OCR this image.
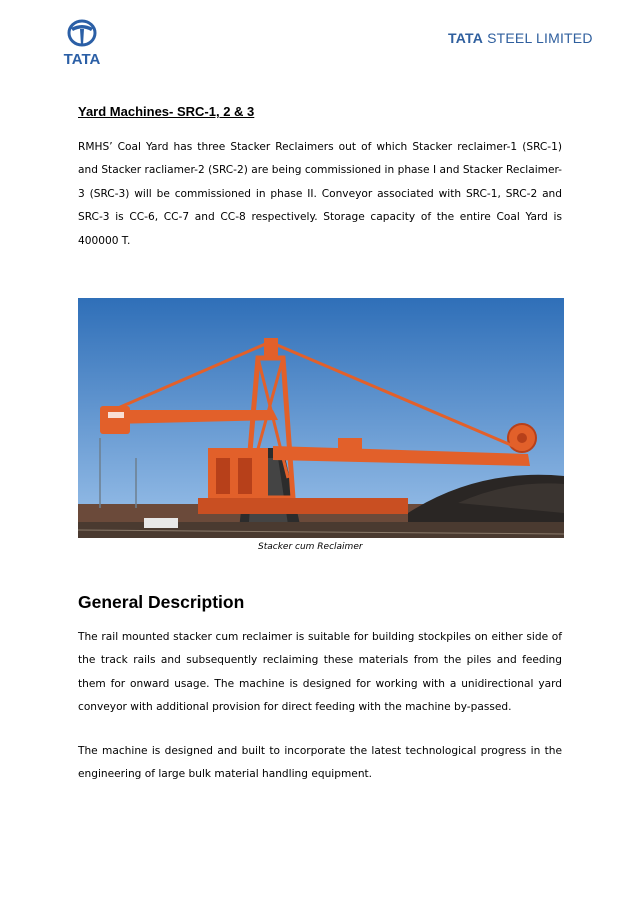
TATA
TATA STEEL LIMITED
Yard Machines- SRC-1, 2 & 3
RMHS’ Coal Yard has three Stacker Reclaimers out of which Stacker reclaimer-1 (SRC-1) and Stacker racliamer-2 (SRC-2) are being commissioned in phase I and Stacker Reclaimer-3 (SRC-3) will be commissioned in phase II. Conveyor associated with SRC-1, SRC-2 and SRC-3 is CC-6, CC-7 and CC-8 respectively. Storage capacity of the entire Coal Yard is 400000 T.
Stacker cum Reclaimer
General Description
The rail mounted stacker cum reclaimer is suitable for building stockpiles on either side of the track rails and subsequently reclaiming these materials from the piles and feeding them for onward usage. The machine is designed for working with a unidirectional yard conveyor with additional provision for direct feeding with the machine by-passed.
The machine is designed and built to incorporate the latest technological progress in the engineering of large bulk material handling equipment.
